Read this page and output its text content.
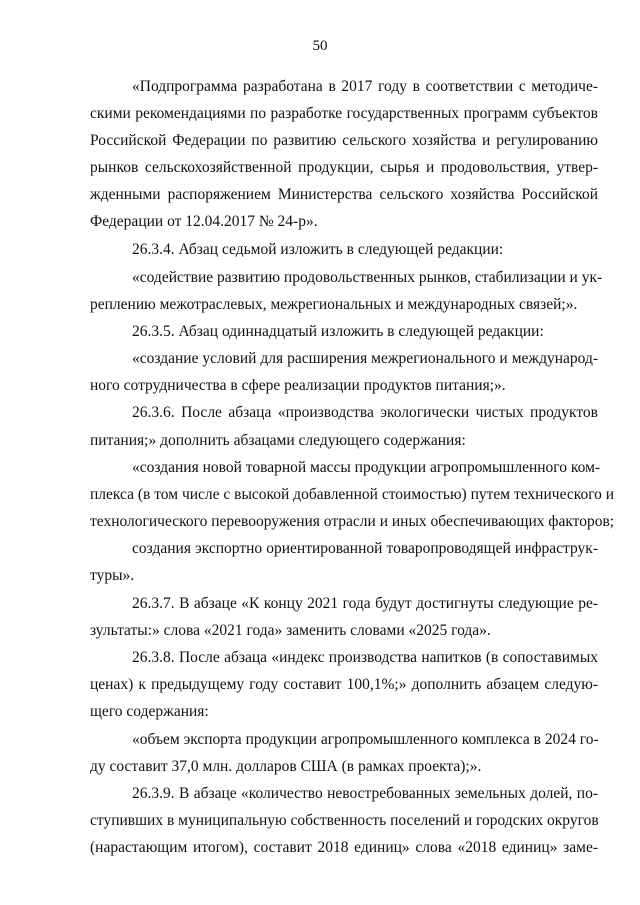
50
«Подпрограмма разработана в 2017 году в соответствии с методиче-
скими рекомендациями по разработке государственных программ субъектов
Российской Федерации по развитию сельского хозяйства и регулированию
рынков сельскохозяйственной продукции, сырья и продовольствия, утвер-
жденными распоряжением Министерства сельского хозяйства Российской
Федерации от 12.04.2017 № 24-р».
26.3.4. Абзац седьмой изложить в следующей редакции:
«содействие развитию продовольственных рынков, стабилизации и ук-
реплению межотраслевых, межрегиональных и международных связей;».
26.3.5. Абзац одиннадцатый изложить в следующей редакции:
«создание условий для расширения межрегионального и международ-
ного сотрудничества в сфере реализации продуктов питания;».
26.3.6. После абзаца «производства экологически чистых продуктов
питания;» дополнить абзацами следующего содержания:
«создания новой товарной массы продукции агропромышленного ком-
плекса (в том числе с высокой добавленной стоимостью) путем технического и
технологического перевооружения отрасли и иных обеспечивающих факторов;
создания экспортно ориентированной товаропроводящей инфраструк-
туры».
26.3.7. В абзаце «К концу 2021 года будут достигнуты следующие ре-
зультаты:» слова «2021 года» заменить словами «2025 года».
26.3.8. После абзаца «индекс производства напитков (в сопоставимых
ценах) к предыдущему году составит 100,1%;» дополнить абзацем следую-
щего содержания:
«объем экспорта продукции агропромышленного комплекса в 2024 го-
ду составит 37,0 млн. долларов США (в рамках проекта);».
26.3.9. В абзаце «количество невостребованных земельных долей, по-
ступивших в муниципальную собственность поселений и городских округов
(нарастающим итогом), составит 2018 единиц» слова «2018 единиц» заме-
